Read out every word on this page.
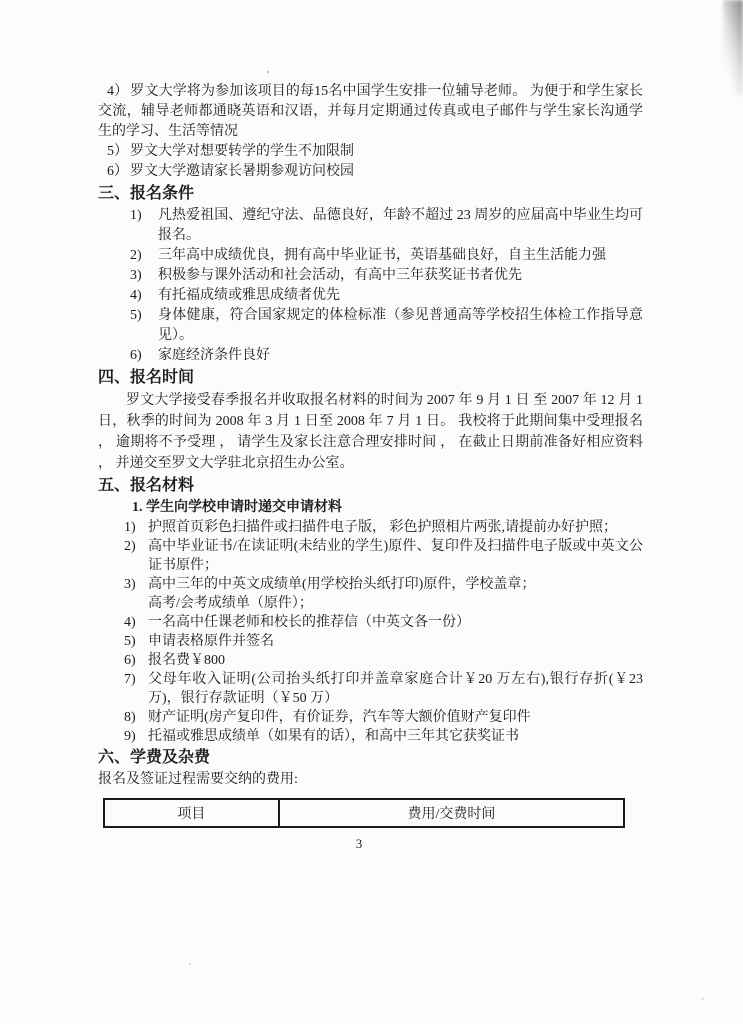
4） 罗文大学将为参加该项目的每15名中国学生安排一位辅导老师。 为便于和学生家长交流，辅导老师都通晓英语和汉语，并每月定期通过传真或电子邮件与学生家长沟通学生的学习、生活等情况

5） 罗文大学对想要转学的学生不加限制

6） 罗文大学邀请家长暑期参观访问校园

三、报名条件
1)	凡热爱祖国、遵纪守法、品德良好，年龄不超过 23 周岁的应届高中毕业生均可报名。
2)	三年高中成绩优良，拥有高中毕业证书，英语基础良好，自主生活能力强
3)	积极参与课外活动和社会活动，有高中三年获奖证书者优先
4)	有托福成绩或雅思成绩者优先
5)	身体健康，符合国家规定的体检标准（参见普通高等学校招生体检工作指导意见）。
6)	家庭经济条件良好
四、报名时间

罗文大学接受春季报名并收取报名材料的时间为 2007 年 9 月 1 日 至 2007 年 12 月 1 日，秋季的时间为 2008 年 3 月 1 日至 2008 年 7 月 1 日。 我校将于此期间集中受理报名 ， 逾期将不予受理 ， 请学生及家长注意合理安排时间 ， 在截止日期前准备好相应资料 ， 并递交至罗文大学驻北京招生办公室。

五、报名材料

1. 学生向学校申请时递交申请材料

1) 护照首页彩色扫描件或扫描件电子版， 彩色护照相片两张,请提前办好护照；
2) 高中毕业证书/在读证明(未结业的学生)原件、复印件及扫描件电子版或中英文公证书原件；
3) 高中三年的中英文成绩单(用学校抬头纸打印)原件，学校盖章；
高考/会考成绩单（原件）；
4) 一名高中任课老师和校长的推荐信（中英文各一份）
5) 申请表格原件并签名
6) 报名费￥800
7) 父母年收入证明(公司抬头纸打印并盖章家庭合计￥20 万左右),银行存折(￥23 万)，银行存款证明（￥50 万）
8) 财产证明(房产复印件，有价证券，汽车等大额价值财产复印件
9) 托福或雅思成绩单（如果有的话），和高中三年其它获奖证书
六、学费及杂费

报名及签证过程需要交纳的费用:

项目	费用/交费时间
3
